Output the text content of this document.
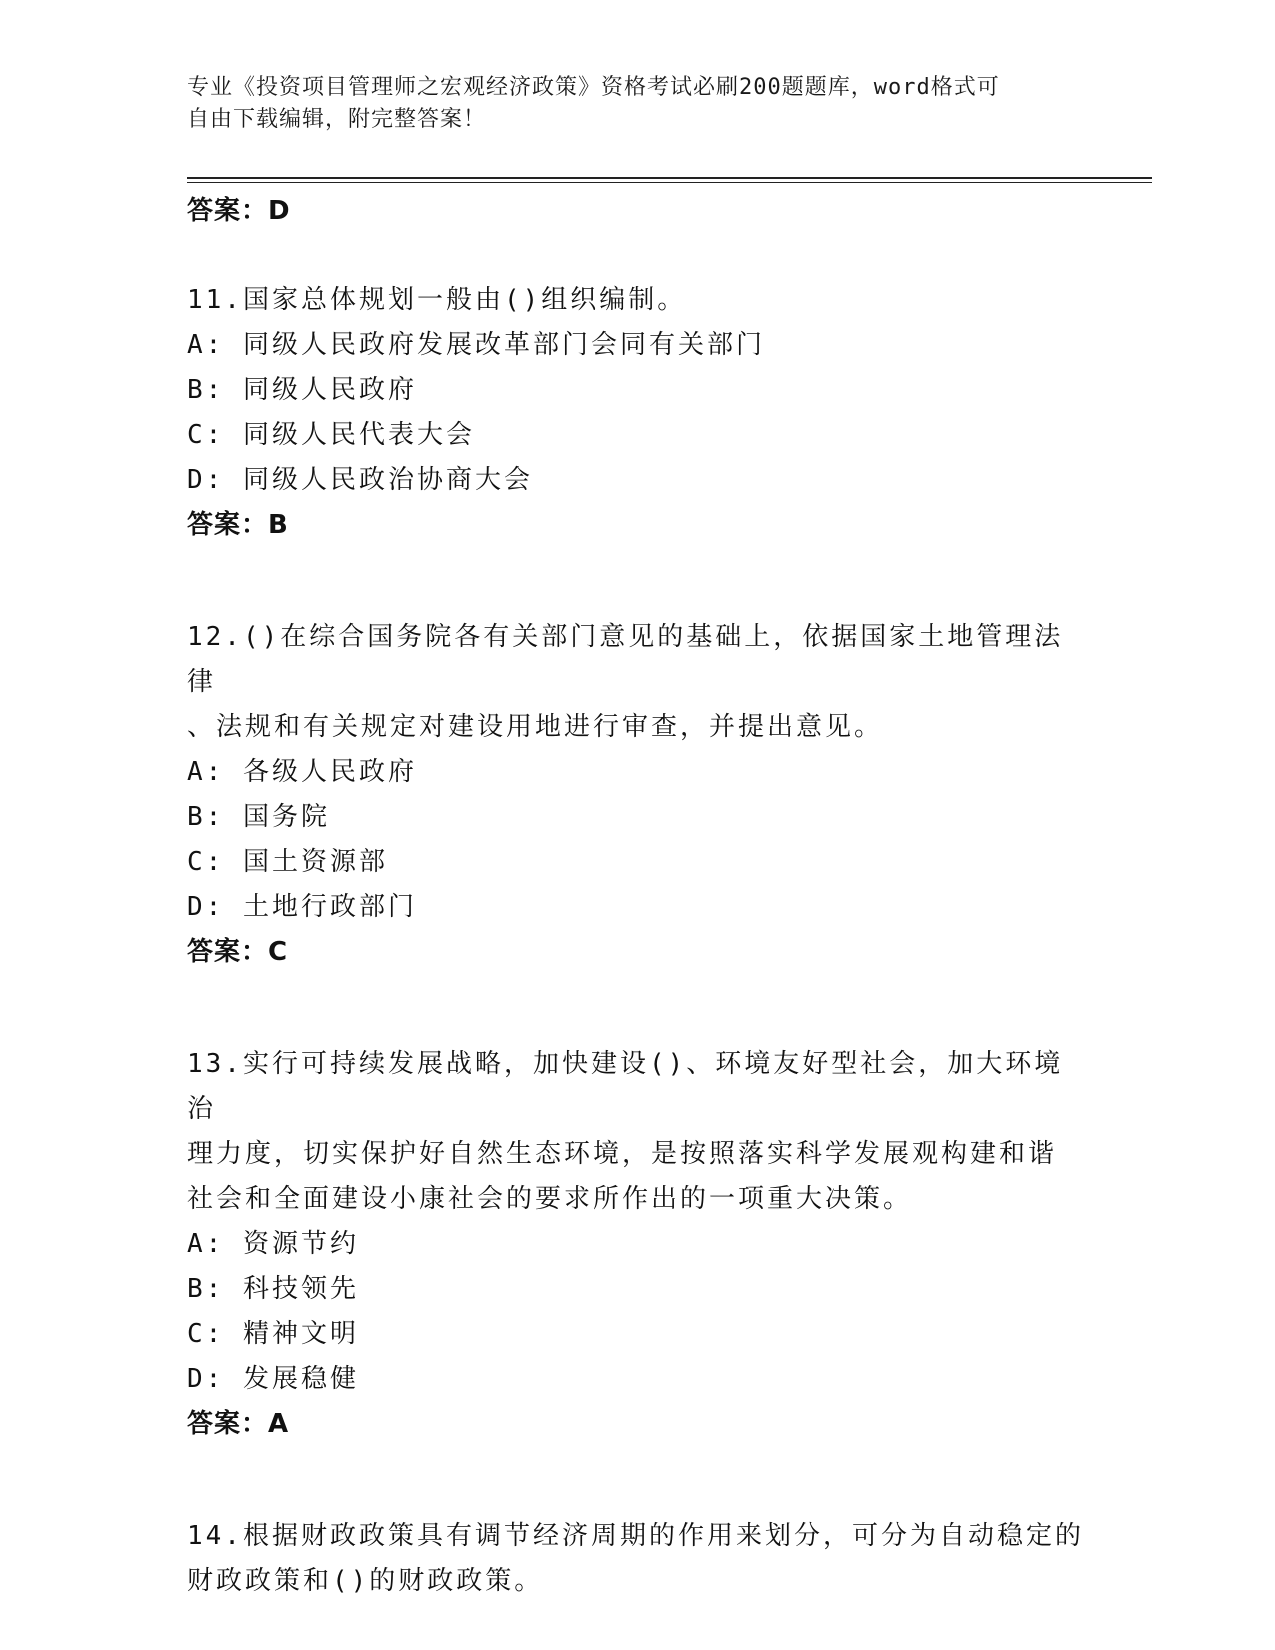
专业《投资项目管理师之宏观经济政策》资格考试必刷200题题库，word格式可
自由下载编辑，附完整答案！
答案：D
11.国家总体规划一般由()组织编制。
A: 同级人民政府发展改革部门会同有关部门
B: 同级人民政府
C: 同级人民代表大会
D: 同级人民政治协商大会
答案：B
12.()在综合国务院各有关部门意见的基础上，依据国家土地管理法律
、法规和有关规定对建设用地进行审查，并提出意见。
A: 各级人民政府
B: 国务院
C: 国土资源部
D: 土地行政部门
答案：C
13.实行可持续发展战略，加快建设()、环境友好型社会，加大环境治
理力度，切实保护好自然生态环境，是按照落实科学发展观构建和谐
社会和全面建设小康社会的要求所作出的一项重大决策。
A: 资源节约
B: 科技领先
C: 精神文明
D: 发展稳健
答案：A
14.根据财政政策具有调节经济周期的作用来划分，可分为自动稳定的
财政政策和()的财政政策。
